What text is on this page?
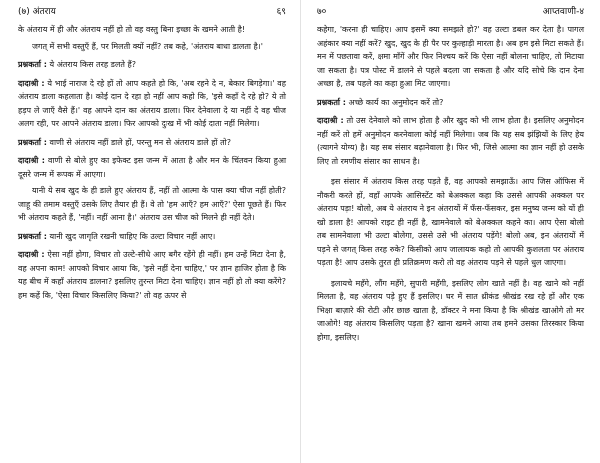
(७) अंतराय	६९

के अंतराय में ही और अंतराय नहीं हो तो वह वस्तु बिना इच्छा के खमने आती है!

जगत् में सभी वस्तुएँ हैं, पर मिलती क्यों नहीं? तब कहे, 'अंतराय बाधा डालता है।'

प्रश्नकर्ता : ये अंतराय किस तरह डलते हैं?

दादाश्री : ये भाई नाराज दे रहे हों तो आप कहते हो कि, 'अब रहने दे न, बेकार बिगड़ेगा।' वह अंतराय डाला कहलाता है। कोई दान दे रहा हो नहीं आप कहो कि, 'इसे कहाँ दे रहे हो? ये तो हड़प ले जाएँ वैसे हैं।' वह आपने दान का अंतराय डाला। फिर देनेवाला दे या नहीं दे वह चीज अलग रही, पर आपने अंतराय डाला। फिर आपको दुःख में भी कोई दाता नहीं मिलेगा।

प्रश्नकर्ता : वाणी से अंतराय नहीं डाले हों, परन्तु मन से अंतराय डाले हों तो?

दादाश्री : वाणी से बोले हुए का इफेक्ट इस जन्म में आता है और मन के चिंतवन किया हुआ दूसरे जन्म में रूपक में आएगा।

यानी ये सब खुद के ही डाले हुए अंतराय हैं, नहीं तो आत्मा के पास क्या चीज नहीं होती? जाहू की तमाम वस्तुएँ उसके लिए तैयार ही हैं। वे तो 'हम आएँ? हम आएँ?' ऐसा पूछते हैं। फिर भी अंतराय कहते हैं, 'नहीं। नहीं आना है।' अंतराय उस चीज को मिलने ही नहीं देते।

प्रश्नकर्ता : यानी खुद जागृति रखनी चाहिए कि उल्टा विचार नहीं आए।

दादाश्री : ऐसा नहीं होगा, विचार तो उल्टे-सीधे आए बगैर रहेंगे ही नहीं। हम उन्हें मिटा देना है, वह अपना काम! आपको विचार आया कि, 'इसे नहीं देना चाहिए,' पर ज्ञान हाजिर होता है कि यह बीच में कहाँ अंतराय डालना? इसलिए तुरन्त मिटा देना चाहिए। ज्ञान नहीं हो तो क्या करेंगे? हम कहें कि, 'ऐसा विचार किसलिए किया?' तो वह ऊपर से

७०	आप्तवाणी-४

कहेगा, 'करना ही चाहिए। आप इसमें क्या समझते हो?' वह उल्टा डबल कर देता है। पागल अहंकार क्या नहीं करें? खुद, खुद के ही पैर पर कुल्हाड़ी मारता है। अब हम इसे मिटा सकते हैं। मन में पछतावा करें, क्षमा माँगें और फिर निश्चय करें कि ऐसा नहीं बोलना चाहिए, तो मिटाया जा सकता है। पत्र पोस्ट में डालने से पहले बदला जा सकता है और यदि सोचे कि दान देना अच्छा है, तब पहले का कहा हुआ मिट जाएगा।

प्रश्नकर्ता : अच्छे कार्य का अनुमोदन करें तो?

दादाश्री : तो उस देनेवाले को लाभ होता है और खुद को भी लाभ होता है। इसलिए अनुमोदन नहीं करें तो हमें अनुमोदन करनेवाला कोई नहीं मिलेगा। जब कि यह सब झंझियों के लिए हेय (त्यागने योग्य) है। यह सब संसार बढ़ानेवाला है। फिर भी, जिसे आत्मा का ज्ञान नहीं हो उसके लिए तो रमणीय संसार का साधन है।

इस संसार में अंतराय किस तरह पड़ते हैं, वह आपको समझाऊँ। आप जिस ऑफिस में नौकरी करते हों, वहाँ आपके आसिस्टेंट को बेअक्कल कहा कि उससे आपकी अक्कल पर अंतराय पड़ा! बोलो, अब ये अंतराय ने इन अंतरायों में फँस-फँसकर, इस मनुष्य जन्म को यों ही खो डाला है! आपको राइट ही नहीं है, खामनेवाले को बेअक्कल कहने का। आप ऐसा बोलो तब सामनेवाला भी उल्टा बोलेगा, उससे उसे भी अंतराय पड़ेंगे! बोलो अब, इन अंतरायों में पड़ने से जगत् किस तरह रुके? किसीको आप जालायक कहो तो आपकी कुशलता पर अंतराय पड़ता है! आप उसके तुरत ही प्रतिक्रमण करो तो वह अंतराय पड़ने से पहले धुल जाएगा।

इलायचे महँगे, लौंग महँगे, सुपारी महँगी, इसलिए लोग खाते नहीं है। वह खाने को नहीं मिलता है, वह अंतराय पड़े हुए हैं इसलिए। घर में सात थ्रीकंड श्रीखंड रख रहे हों और एक भिक्षा बाज़ारे की रोटी और छाछ खाता है, डॉक्टर ने मना किया है कि श्रीखंड खाओगे तो मर जाओगे! वह अंतराय किसलिए पड़ता है? खाना खमने आया तब हमने उसका तिरस्कार किया होगा, इसलिए।
